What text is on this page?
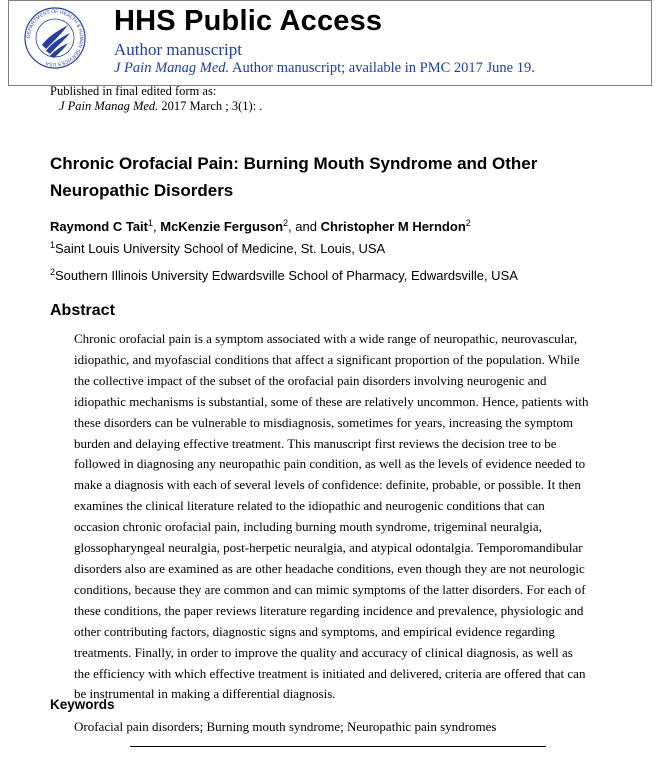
DEPARTMENT OF HEALTH & HUMAN SERVICES USA
HHS Public Access
Author manuscript
J Pain Manag Med. Author manuscript; available in PMC 2017 June 19.
Published in final edited form as:
J Pain Manag Med. 2017 March ; 3(1): .
Chronic Orofacial Pain: Burning Mouth Syndrome and Other Neuropathic Disorders
Raymond C Tait$^1$, McKenzie Ferguson$^2$, and Christopher M Herndon$^2$
$^1$Saint Louis University School of Medicine, St. Louis, USA
$^2$Southern Illinois University Edwardsville School of Pharmacy, Edwardsville, USA
Abstract
Chronic orofacial pain is a symptom associated with a wide range of neuropathic, neurovascular,
idiopathic, and myofascial conditions that affect a significant proportion of the population. While
the collective impact of the subset of the orofacial pain disorders involving neurogenic and
idiopathic mechanisms is substantial, some of these are relatively uncommon. Hence, patients with
these disorders can be vulnerable to misdiagnosis, sometimes for years, increasing the symptom
burden and delaying effective treatment. This manuscript first reviews the decision tree to be
followed in diagnosing any neuropathic pain condition, as well as the levels of evidence needed to
make a diagnosis with each of several levels of confidence: definite, probable, or possible. It then
examines the clinical literature related to the idiopathic and neurogenic conditions that can
occasion chronic orofacial pain, including burning mouth syndrome, trigeminal neuralgia,
glossopharyngeal neuralgia, post-herpetic neuralgia, and atypical odontalgia. Temporomandibular
disorders also are examined as are other headache conditions, even though they are not neurologic
conditions, because they are common and can mimic symptoms of the latter disorders. For each of
these conditions, the paper reviews literature regarding incidence and prevalence, physiologic and
other contributing factors, diagnostic signs and symptoms, and empirical evidence regarding
treatments. Finally, in order to improve the quality and accuracy of clinical diagnosis, as well as
the efficiency with which effective treatment is initiated and delivered, criteria are offered that can
be instrumental in making a differential diagnosis.
Keywords
Orofacial pain disorders; Burning mouth syndrome; Neuropathic pain syndromes
